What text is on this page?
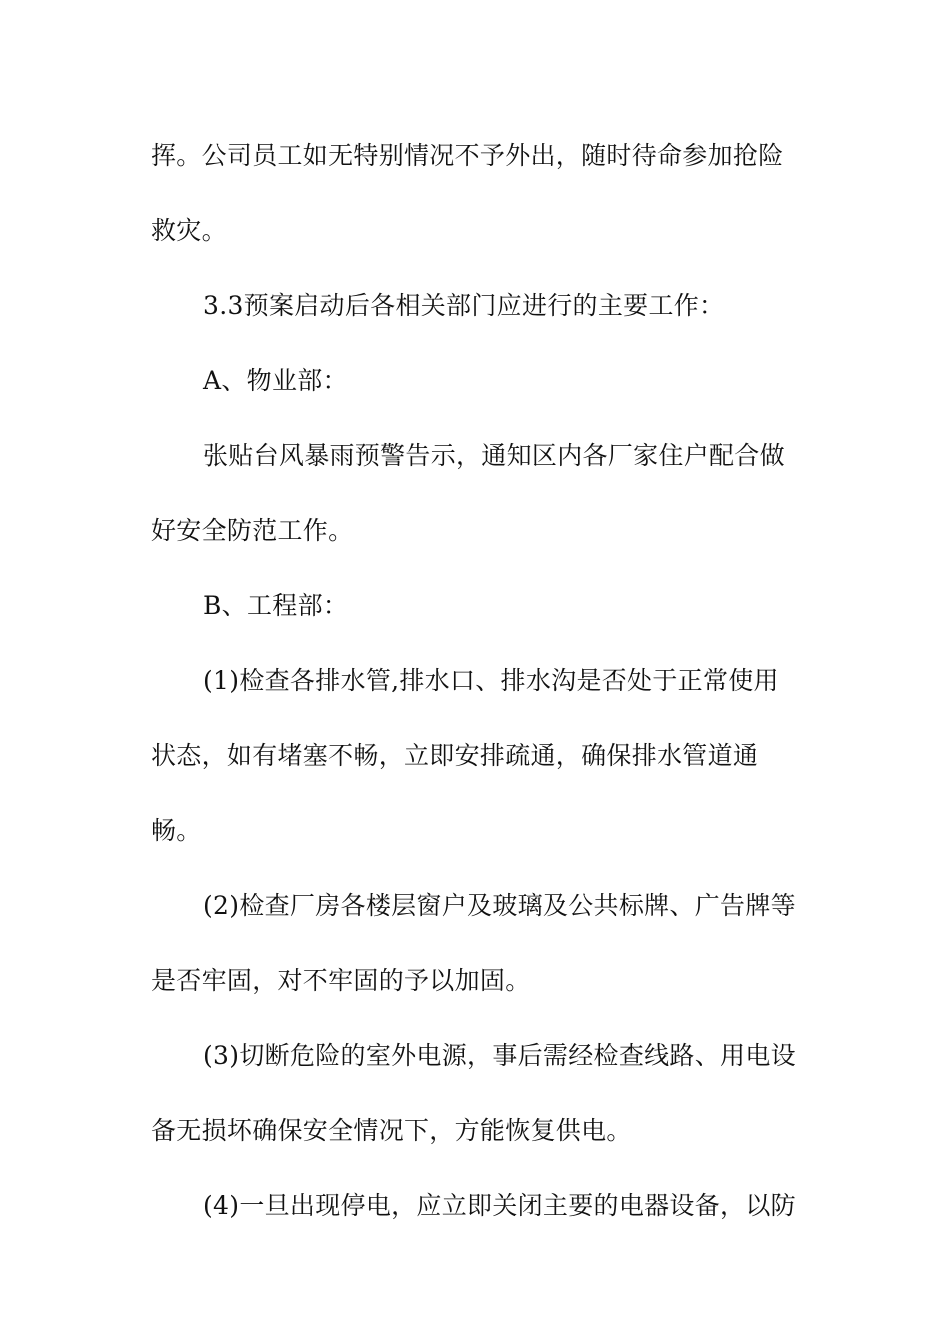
挥。公司员工如无特别情况不予外出，随时待命参加抢险

救灾。

3.3预案启动后各相关部门应进行的主要工作：

A、物业部：

张贴台风暴雨预警告示，通知区内各厂家住户配合做

好安全防范工作。

B、工程部：

(1)检查各排水管,排水口、排水沟是否处于正常使用

状态，如有堵塞不畅，立即安排疏通，确保排水管道通

畅。

(2)检查厂房各楼层窗户及玻璃及公共标牌、广告牌等

是否牢固，对不牢固的予以加固。

(3)切断危险的室外电源，事后需经检查线路、用电设

备无损坏确保安全情况下，方能恢复供电。

(4)一旦出现停电，应立即关闭主要的电器设备，以防
